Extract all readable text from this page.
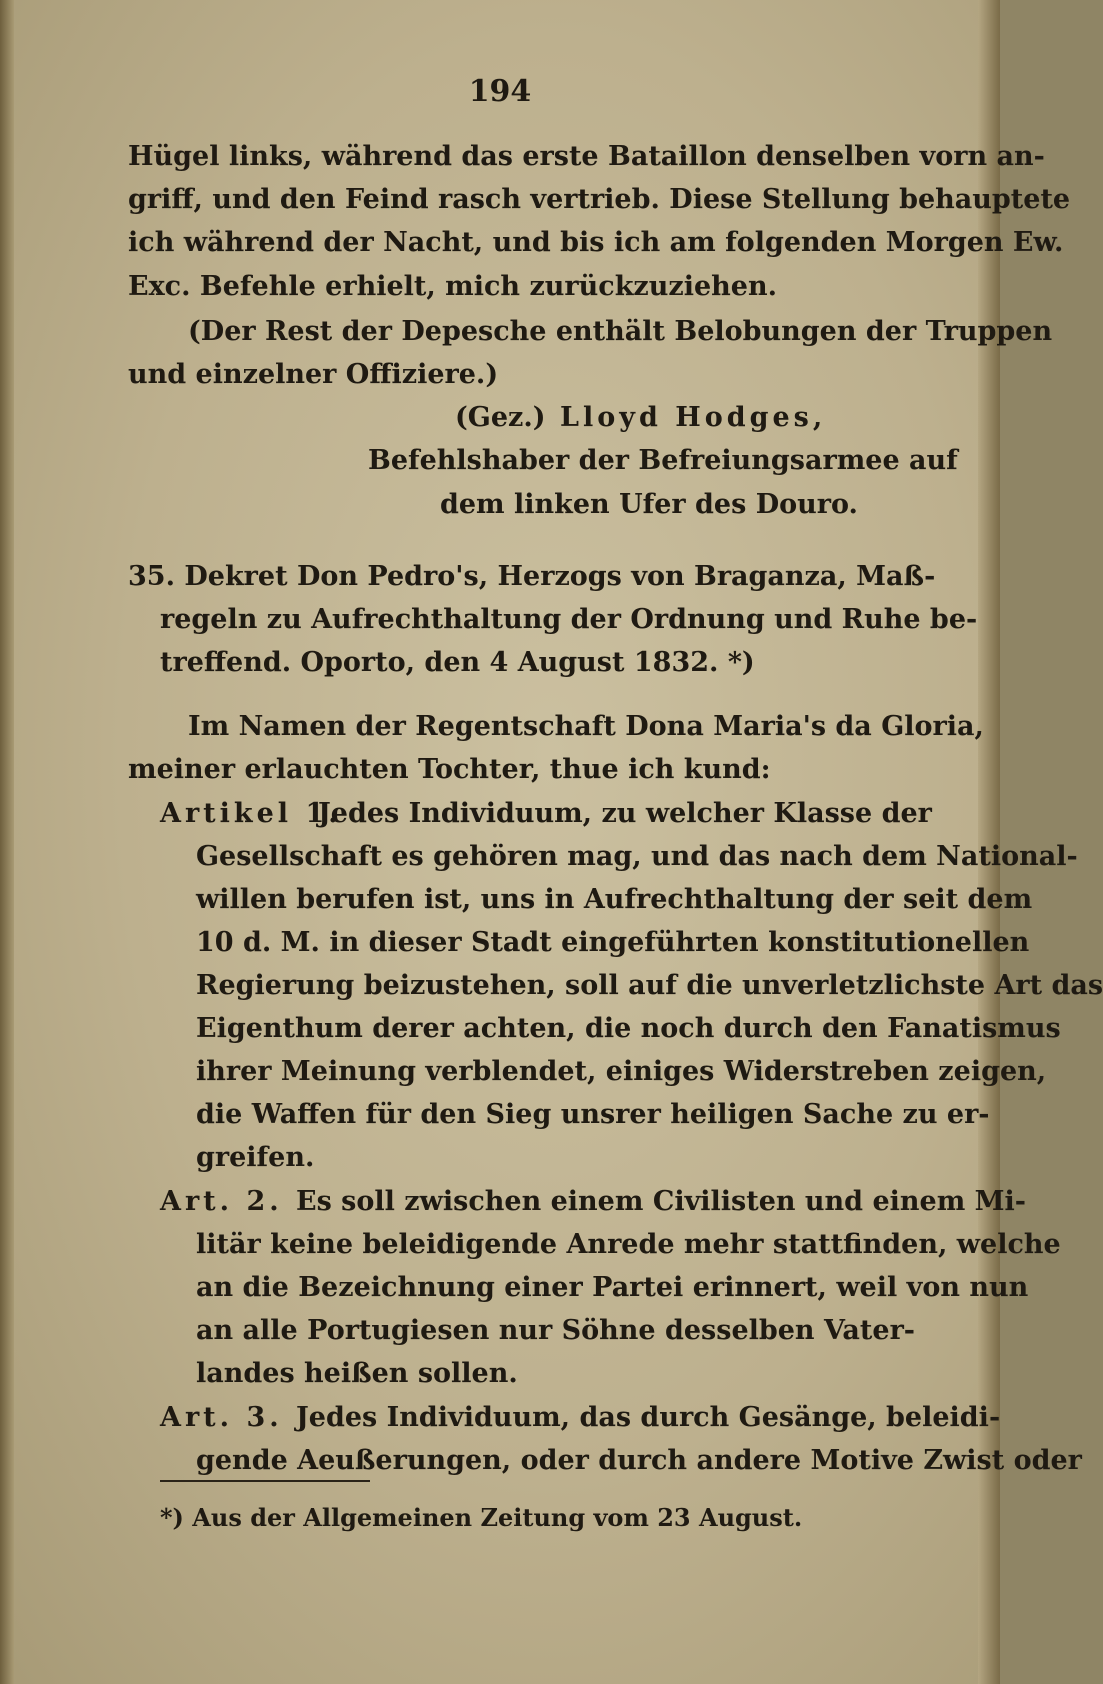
194
Hügel links, während das erste Bataillon denselben vorn an-
griff, und den Feind rasch vertrieb. Diese Stellung behauptete
ich während der Nacht, und bis ich am folgenden Morgen Ew.
Exc. Befehle erhielt, mich zurückzuziehen.
(Der Rest der Depesche enthält Belobungen der Truppen
und einzelner Offiziere.)
(Gez.) Lloyd Hodges,
Befehlshaber der Befreiungsarmee auf
dem linken Ufer des Douro.
35. Dekret Don Pedro's, Herzogs von Braganza, Maß-
regeln zu Aufrechthaltung der Ordnung und Ruhe be-
treffend. Oporto, den 4 August 1832. *)
Im Namen der Regentschaft Dona Maria's da Gloria,
meiner erlauchten Tochter, thue ich kund:
Artikel 1.
Jedes Individuum, zu welcher Klasse der
Gesellschaft es gehören mag, und das nach dem National-
willen berufen ist, uns in Aufrechthaltung der seit dem
10 d. M. in dieser Stadt eingeführten konstitutionellen
Regierung beizustehen, soll auf die unverletzlichste Art das
Eigenthum derer achten, die noch durch den Fanatismus
ihrer Meinung verblendet, einiges Widerstreben zeigen,
die Waffen für den Sieg unsrer heiligen Sache zu er-
greifen.
Art. 2. Es soll zwischen einem Civilisten und einem Mi-
litär keine beleidigende Anrede mehr stattfinden, welche
an die Bezeichnung einer Partei erinnert, weil von nun
an alle Portugiesen nur Söhne desselben Vater-
landes heißen sollen.
Art. 3. Jedes Individuum, das durch Gesänge, beleidi-
gende Aeußerungen, oder durch andere Motive Zwist oder
*) Aus der Allgemeinen Zeitung vom 23 August.
